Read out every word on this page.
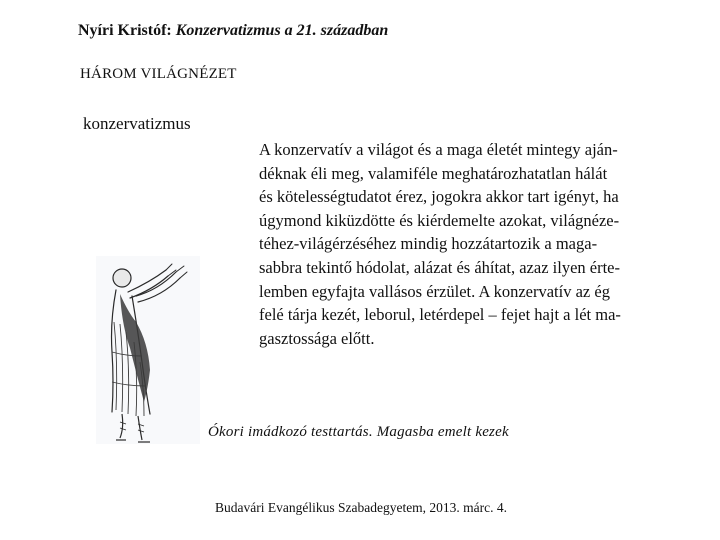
Nyíri Kristóf: Konzervatizmus a 21. században
HÁROM VILÁGNÉZET
konzervatizmus
A konzervatív a világot és a maga életét mintegy aján-
déknak éli meg, valamiféle meghatározhatatlan hálát
és kötelességtudatot érez, jogokra akkor tart igényt, ha
úgymond kiküzdötte és kiérdemelte azokat, világnéze-
téhez-világérzéséhez mindig hozzátartozik a maga-
sabbra tekintő hódolat, alázat és áhítat, azaz ilyen érte-
lemben egyfajta vallásos érzület. A konzervatív az ég
felé tárja kezét, leborul, letérdepel – fejet hajt a lét ma-
gasztossága előtt.
Ókori imádkozó testtartás. Magasba emelt kezek
Budavári Evangélikus Szabadegyetem, 2013. márc. 4.
